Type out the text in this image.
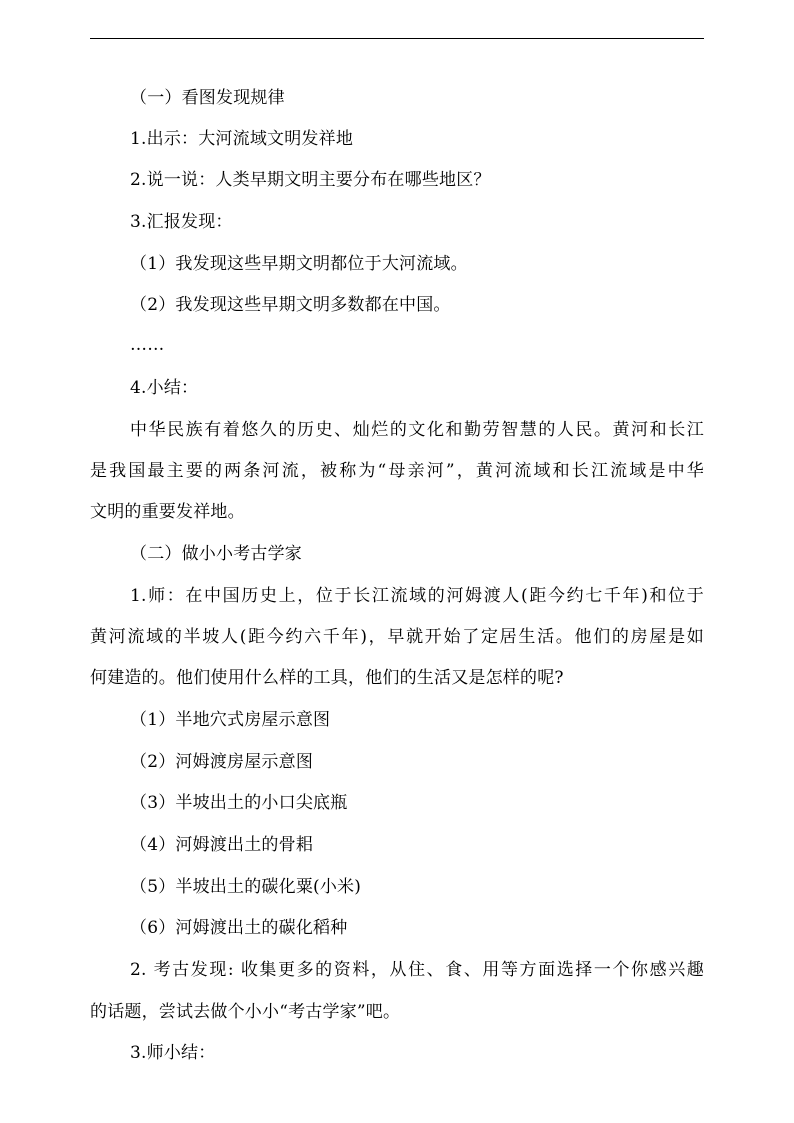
（一）看图发现规律
1.出示：大河流域文明发祥地
2.说一说：人类早期文明主要分布在哪些地区？
3.汇报发现：
（1）我发现这些早期文明都位于大河流域。
（2）我发现这些早期文明多数都在中国。
……
4.小结：
中华民族有着悠久的历史、灿烂的文化和勤劳智慧的人民。黄河和长江
是我国最主要的两条河流，被称为“母亲河”，黄河流域和长江流域是中华
文明的重要发祥地。
（二）做小小考古学家
1.师：在中国历史上，位于长江流域的河姆渡人(距今约七千年)和位于
黄河流域的半坡人(距今约六千年)，早就开始了定居生活。他们的房屋是如
何建造的。他们使用什么样的工具，他们的生活又是怎样的呢?
（1）半地穴式房屋示意图
（2）河姆渡房屋示意图
（3）半坡出土的小口尖底瓶
（4）河姆渡出土的骨耜
（5）半坡出土的碳化粟(小米)
（6）河姆渡出土的碳化稻种
2. 考古发现: 收集更多的资料，从住、食、用等方面选择一个你感兴趣
的话题，尝试去做个小小“考古学家”吧。
3.师小结：
